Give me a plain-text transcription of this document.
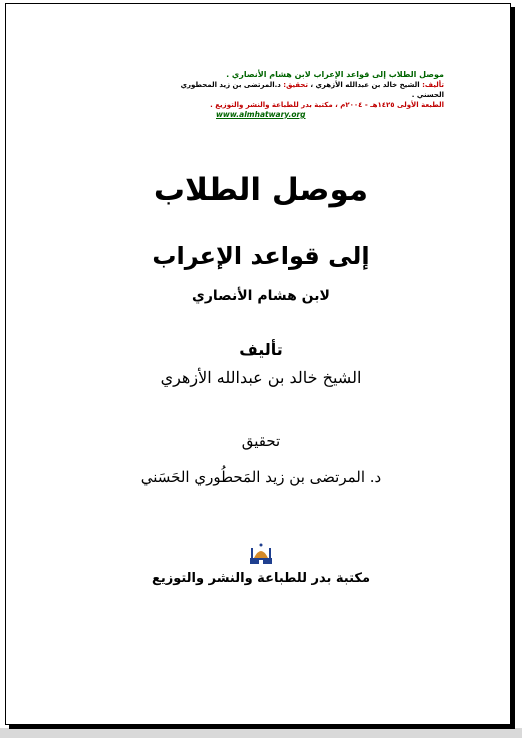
موصل الطلاب إلى قواعد الإعراب لابن هشام الأنصاري .
تأليف: الشيخ خالد بن عبدالله الأزهري ، تحقيق: د.المرتضى بن زيد المحطوري الحسني .
الطبعة الأولى ١٤٢٥هـ - ٢٠٠٤م ، مكتبة بدر للطباعة والنشر والتوزيع .
www.almhatwary.org
موصل الطلاب
إلى قواعد الإعراب
لابن هشام الأنصاري
تأليف
الشيخ خالد بن عبدالله الأزهري
تحقيق
د. المرتضى بن زيد المَحطُوري الحَسَني
مكتبة بدر للطباعة والنشر والتوزيع
